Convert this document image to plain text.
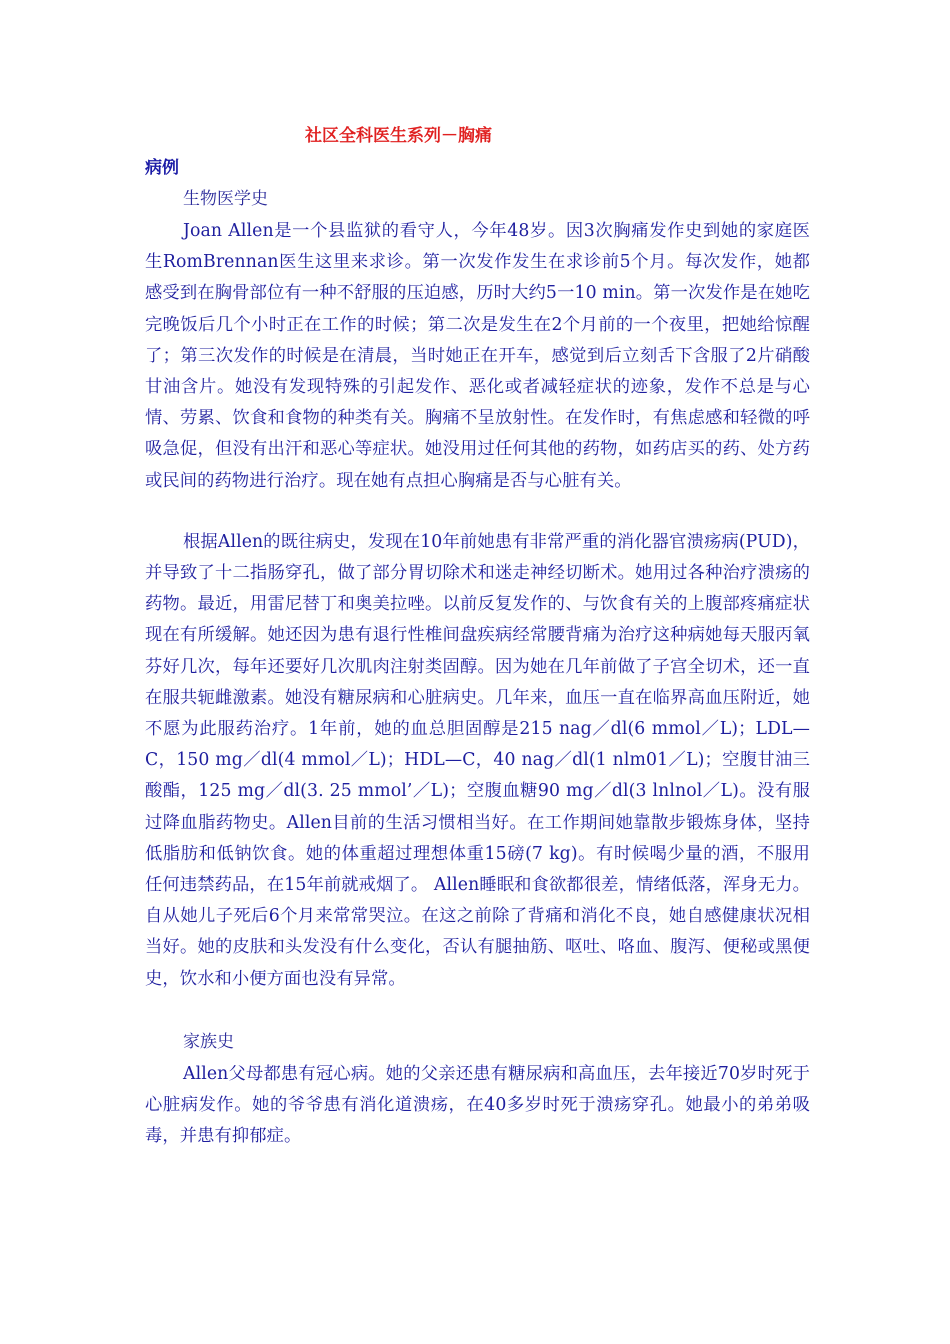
社区全科医生系列－胸痛
病例
生物医学史

Joan Allen是一个县监狱的看守人，今年48岁。因3次胸痛发作史到她的家庭医生RomBrennan医生这里来求诊。第一次发作发生在求诊前5个月。每次发作，她都感受到在胸骨部位有一种不舒服的压迫感，历时大约5一10 min。第一次发作是在她吃完晚饭后几个小时正在工作的时候；第二次是发生在2个月前的一个夜里，把她给惊醒了；第三次发作的时候是在清晨，当时她正在开车，感觉到后立刻舌下含服了2片硝酸甘油含片。她没有发现特殊的引起发作、恶化或者减轻症状的迹象，发作不总是与心情、劳累、饮食和食物的种类有关。胸痛不呈放射性。在发作时，有焦虑感和轻微的呼吸急促，但没有出汗和恶心等症状。她没用过任何其他的药物，如药店买的药、处方药或民间的药物进行治疗。现在她有点担心胸痛是否与心脏有关。

根据Allen的既往病史，发现在10年前她患有非常严重的消化器官溃疡病(PUD)，并导致了十二指肠穿孔，做了部分胃切除术和迷走神经切断术。她用过各种治疗溃疡的药物。最近，用雷尼替丁和奥美拉唑。以前反复发作的、与饮食有关的上腹部疼痛症状现在有所缓解。她还因为患有退行性椎间盘疾病经常腰背痛为治疗这种病她每天服丙氧芬好几次，每年还要好几次肌肉注射类固醇。因为她在几年前做了子宫全切术，还一直在服共轭雌激素。她没有糖尿病和心脏病史。几年来，血压一直在临界高血压附近，她不愿为此服药治疗。1年前，她的血总胆固醇是215 nag／dl(6 mmol／L)；LDL—C，150 mg／dl(4 mmol／L)；HDL—C，40 nag／dl(1 nlm01／L)；空腹甘油三酸酯，125 mg／dl(3. 25 mmol’／L)；空腹血糖90 mg／dl(3 lnlnol／L)。没有服过降血脂药物史。Allen目前的生活习惯相当好。在工作期间她靠散步锻炼身体，坚持低脂肪和低钠饮食。她的体重超过理想体重15磅(7 kg)。有时候喝少量的酒，不服用任何违禁药品，在15年前就戒烟了。 Allen睡眠和食欲都很差，情绪低落，浑身无力。自从她儿子死后6个月来常常哭泣。在这之前除了背痛和消化不良，她自感健康状况相当好。她的皮肤和头发没有什么变化，否认有腿抽筋、呕吐、咯血、腹泻、便秘或黑便史，饮水和小便方面也没有异常。

家族史

Allen父母都患有冠心病。她的父亲还患有糖尿病和高血压，去年接近70岁时死于心脏病发作。她的爷爷患有消化道溃疡，在40多岁时死于溃疡穿孔。她最小的弟弟吸毒，并患有抑郁症。
